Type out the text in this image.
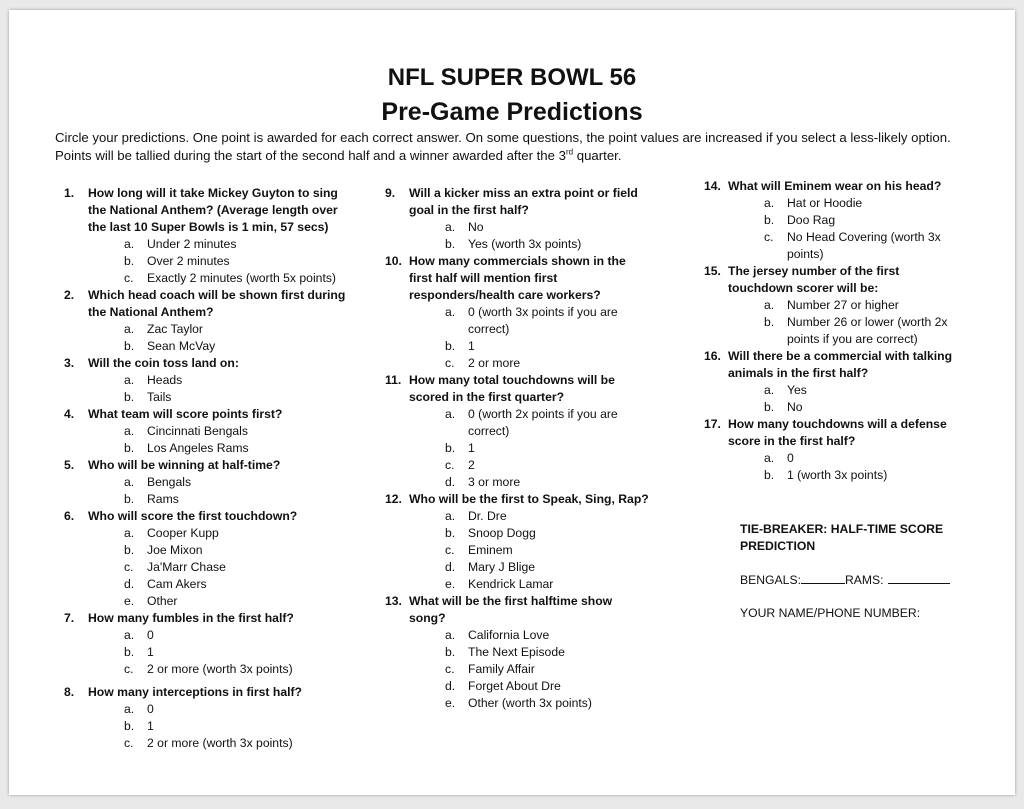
NFL SUPER BOWL 56
Pre-Game Predictions
Circle your predictions. One point is awarded for each correct answer. On some questions, the point values are increased if you select a less-likely option. Points will be tallied during the start of the second half and a winner awarded after the 3rd quarter.
1. How long will it take Mickey Guyton to sing the National Anthem? (Average length over the last 10 Super Bowls is 1 min, 57 secs)
a. Under 2 minutes
b. Over 2 minutes
c. Exactly 2 minutes (worth 5x points)
2. Which head coach will be shown first during the National Anthem?
a. Zac Taylor
b. Sean McVay
3. Will the coin toss land on:
a. Heads
b. Tails
4. What team will score points first?
a. Cincinnati Bengals
b. Los Angeles Rams
5. Who will be winning at half-time?
a. Bengals
b. Rams
6. Who will score the first touchdown?
a. Cooper Kupp
b. Joe Mixon
c. Ja'Marr Chase
d. Cam Akers
e. Other
7. How many fumbles in the first half?
a. 0
b. 1
c. 2 or more (worth 3x points)
8. How many interceptions in first half?
a. 0
b. 1
c. 2 or more (worth 3x points)
9. Will a kicker miss an extra point or field goal in the first half?
a. No
b. Yes (worth 3x points)
10. How many commercials shown in the first half will mention first responders/health care workers?
a. 0 (worth 3x points if you are correct)
b. 1
c. 2 or more
11. How many total touchdowns will be scored in the first quarter?
a. 0 (worth 2x points if you are correct)
b. 1
c. 2
d. 3 or more
12. Who will be the first to Speak, Sing, Rap?
a. Dr. Dre
b. Snoop Dogg
c. Eminem
d. Mary J Blige
e. Kendrick Lamar
13. What will be the first halftime show song?
a. California Love
b. The Next Episode
c. Family Affair
d. Forget About Dre
e. Other (worth 3x points)
14. What will Eminem wear on his head?
a. Hat or Hoodie
b. Doo Rag
c. No Head Covering (worth 3x points)
15. The jersey number of the first touchdown scorer will be:
a. Number 27 or higher
b. Number 26 or lower (worth 2x points if you are correct)
16. Will there be a commercial with talking animals in the first half?
a. Yes
b. No
17. How many touchdowns will a defense score in the first half?
a. 0
b. 1 (worth 3x points)
TIE-BREAKER: HALF-TIME SCORE PREDICTION
BENGALS:	RAMS:
YOUR NAME/PHONE NUMBER:
